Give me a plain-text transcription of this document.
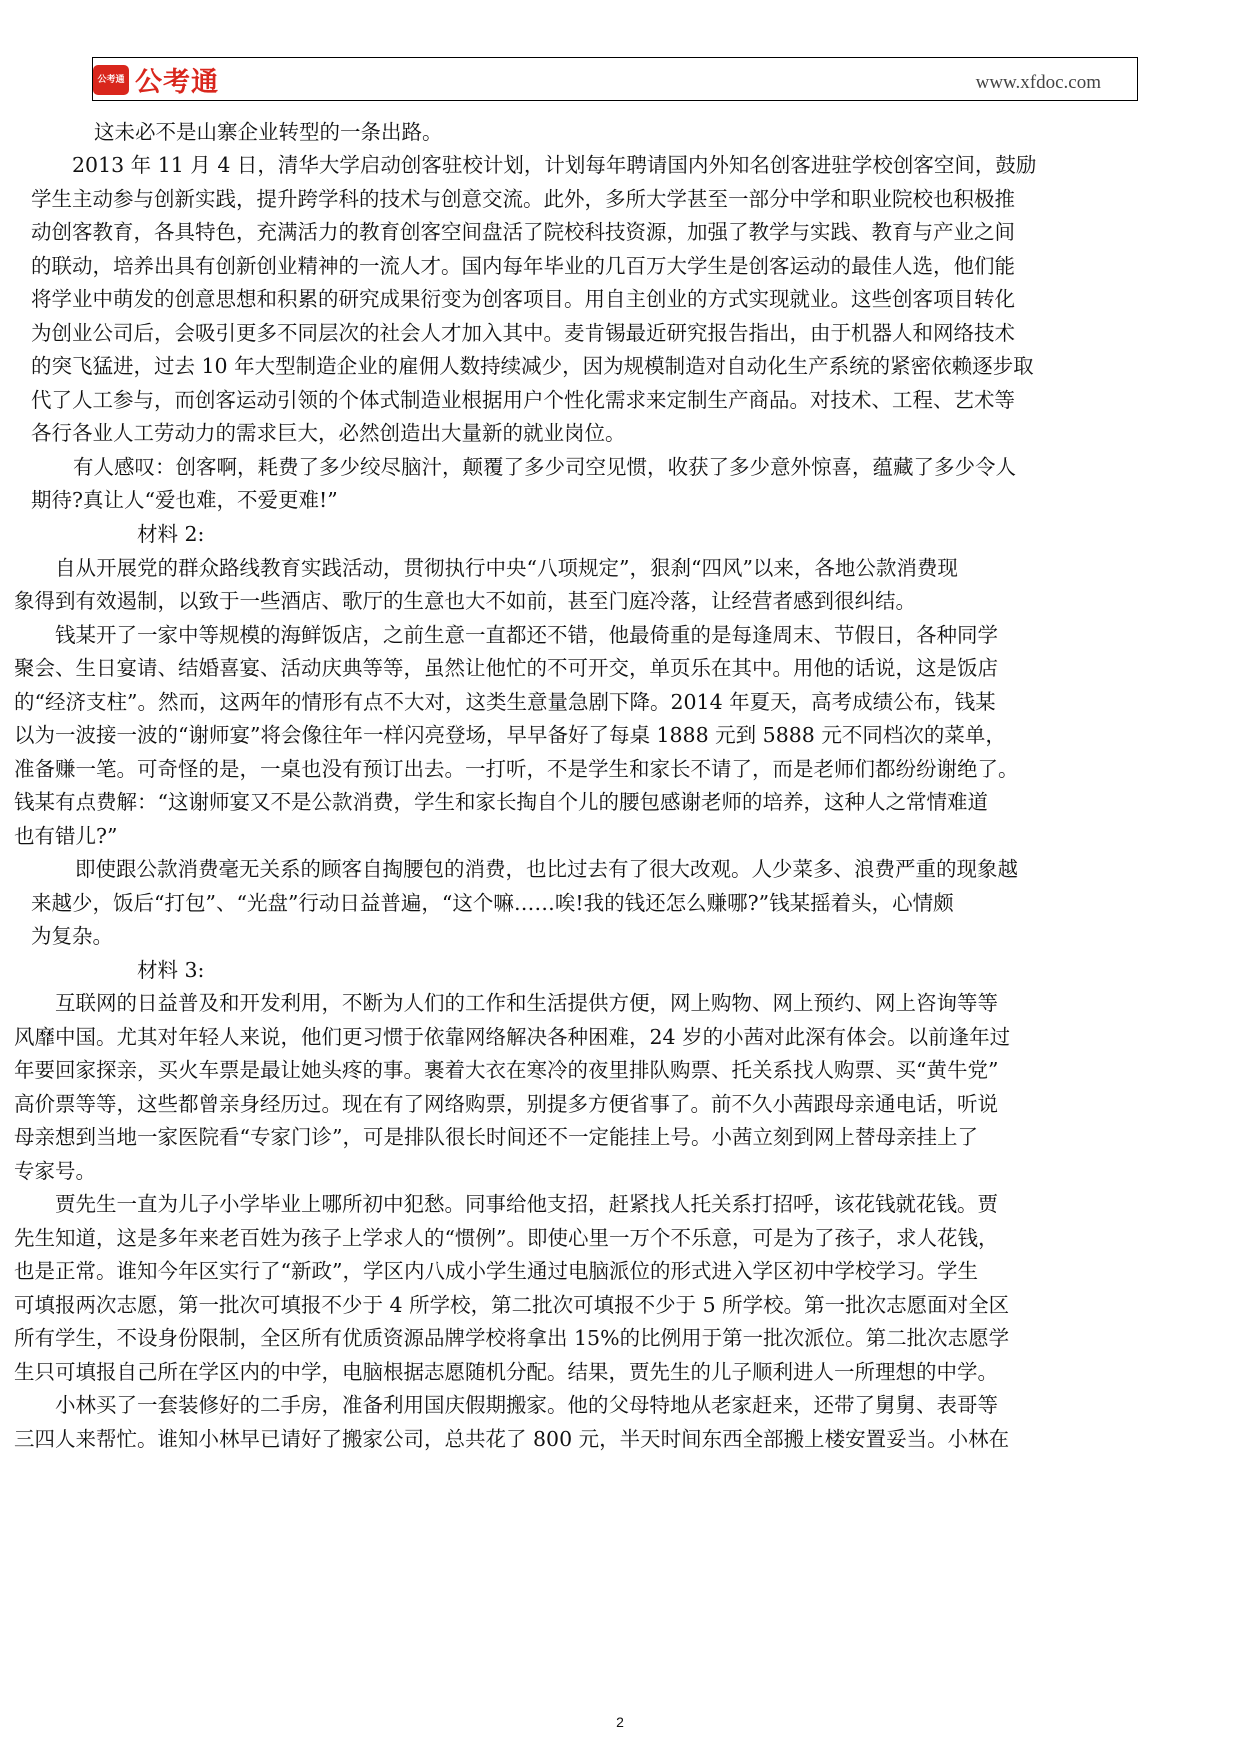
公考通 公考通	www.xfdoc.com
这未必不是山寨企业转型的一条出路。
2013 年 11 月 4 日，清华大学启动创客驻校计划，计划每年聘请国内外知名创客进驻学校创客空间，鼓励
学生主动参与创新实践，提升跨学科的技术与创意交流。此外，多所大学甚至一部分中学和职业院校也积极推
动创客教育，各具特色，充满活力的教育创客空间盘活了院校科技资源，加强了教学与实践、教育与产业之间
的联动，培养出具有创新创业精神的一流人才。国内每年毕业的几百万大学生是创客运动的最佳人选，他们能
将学业中萌发的创意思想和积累的研究成果衍变为创客项目。用自主创业的方式实现就业。这些创客项目转化
为创业公司后，会吸引更多不同层次的社会人才加入其中。麦肯锡最近研究报告指出，由于机器人和网络技术
的突飞猛进，过去 10 年大型制造企业的雇佣人数持续减少，因为规模制造对自动化生产系统的紧密依赖逐步取
代了人工参与，而创客运动引领的个体式制造业根据用户个性化需求来定制生产商品。对技术、工程、艺术等
各行各业人工劳动力的需求巨大，必然创造出大量新的就业岗位。
有人感叹：创客啊，耗费了多少绞尽脑汁，颠覆了多少司空见惯，收获了多少意外惊喜，蕴藏了多少令人
期待?真让人“爱也难，不爱更难!”
材料 2:
自从开展党的群众路线教育实践活动，贯彻执行中央“八项规定”，狠刹“四风”以来，各地公款消费现
象得到有效遏制，以致于一些酒店、歌厅的生意也大不如前，甚至门庭冷落，让经营者感到很纠结。
钱某开了一家中等规模的海鲜饭店，之前生意一直都还不错，他最倚重的是每逢周末、节假日，各种同学
聚会、生日宴请、结婚喜宴、活动庆典等等，虽然让他忙的不可开交，单页乐在其中。用他的话说，这是饭店
的“经济支柱”。然而，这两年的情形有点不大对，这类生意量急剧下降。2014 年夏天，高考成绩公布，钱某
以为一波接一波的“谢师宴”将会像往年一样闪亮登场，早早备好了每桌 1888 元到 5888 元不同档次的菜单，
准备赚一笔。可奇怪的是，一桌也没有预订出去。一打听，不是学生和家长不请了，而是老师们都纷纷谢绝了。
钱某有点费解：“这谢师宴又不是公款消费，学生和家长掏自个儿的腰包感谢老师的培养，这种人之常情难道
也有错儿?”
即使跟公款消费毫无关系的顾客自掏腰包的消费，也比过去有了很大改观。人少菜多、浪费严重的现象越
来越少，饭后“打包”、“光盘”行动日益普遍，“这个嘛……唉!我的钱还怎么赚哪?”钱某摇着头，心情颇
为复杂。
材料 3:
互联网的日益普及和开发利用，不断为人们的工作和生活提供方便，网上购物、网上预约、网上咨询等等
风靡中国。尤其对年轻人来说，他们更习惯于依靠网络解决各种困难，24 岁的小茜对此深有体会。以前逢年过
年要回家探亲，买火车票是最让她头疼的事。裹着大衣在寒冷的夜里排队购票、托关系找人购票、买“黄牛党”
高价票等等，这些都曾亲身经历过。现在有了网络购票，别提多方便省事了。前不久小茜跟母亲通电话，听说
母亲想到当地一家医院看“专家门诊”，可是排队很长时间还不一定能挂上号。小茜立刻到网上替母亲挂上了
专家号。
贾先生一直为儿子小学毕业上哪所初中犯愁。同事给他支招，赶紧找人托关系打招呼，该花钱就花钱。贾
先生知道，这是多年来老百姓为孩子上学求人的“惯例”。即使心里一万个不乐意，可是为了孩子，求人花钱，
也是正常。谁知今年区实行了“新政”，学区内八成小学生通过电脑派位的形式进入学区初中学校学习。学生
可填报两次志愿，第一批次可填报不少于 4 所学校，第二批次可填报不少于 5 所学校。第一批次志愿面对全区
所有学生，不设身份限制，全区所有优质资源品牌学校将拿出 15%的比例用于第一批次派位。第二批次志愿学
生只可填报自己所在学区内的中学，电脑根据志愿随机分配。结果，贾先生的儿子顺利进人一所理想的中学。
小林买了一套装修好的二手房，准备利用国庆假期搬家。他的父母特地从老家赶来，还带了舅舅、表哥等
三四人来帮忙。谁知小林早已请好了搬家公司，总共花了 800 元，半天时间东西全部搬上楼安置妥当。小林在
2
